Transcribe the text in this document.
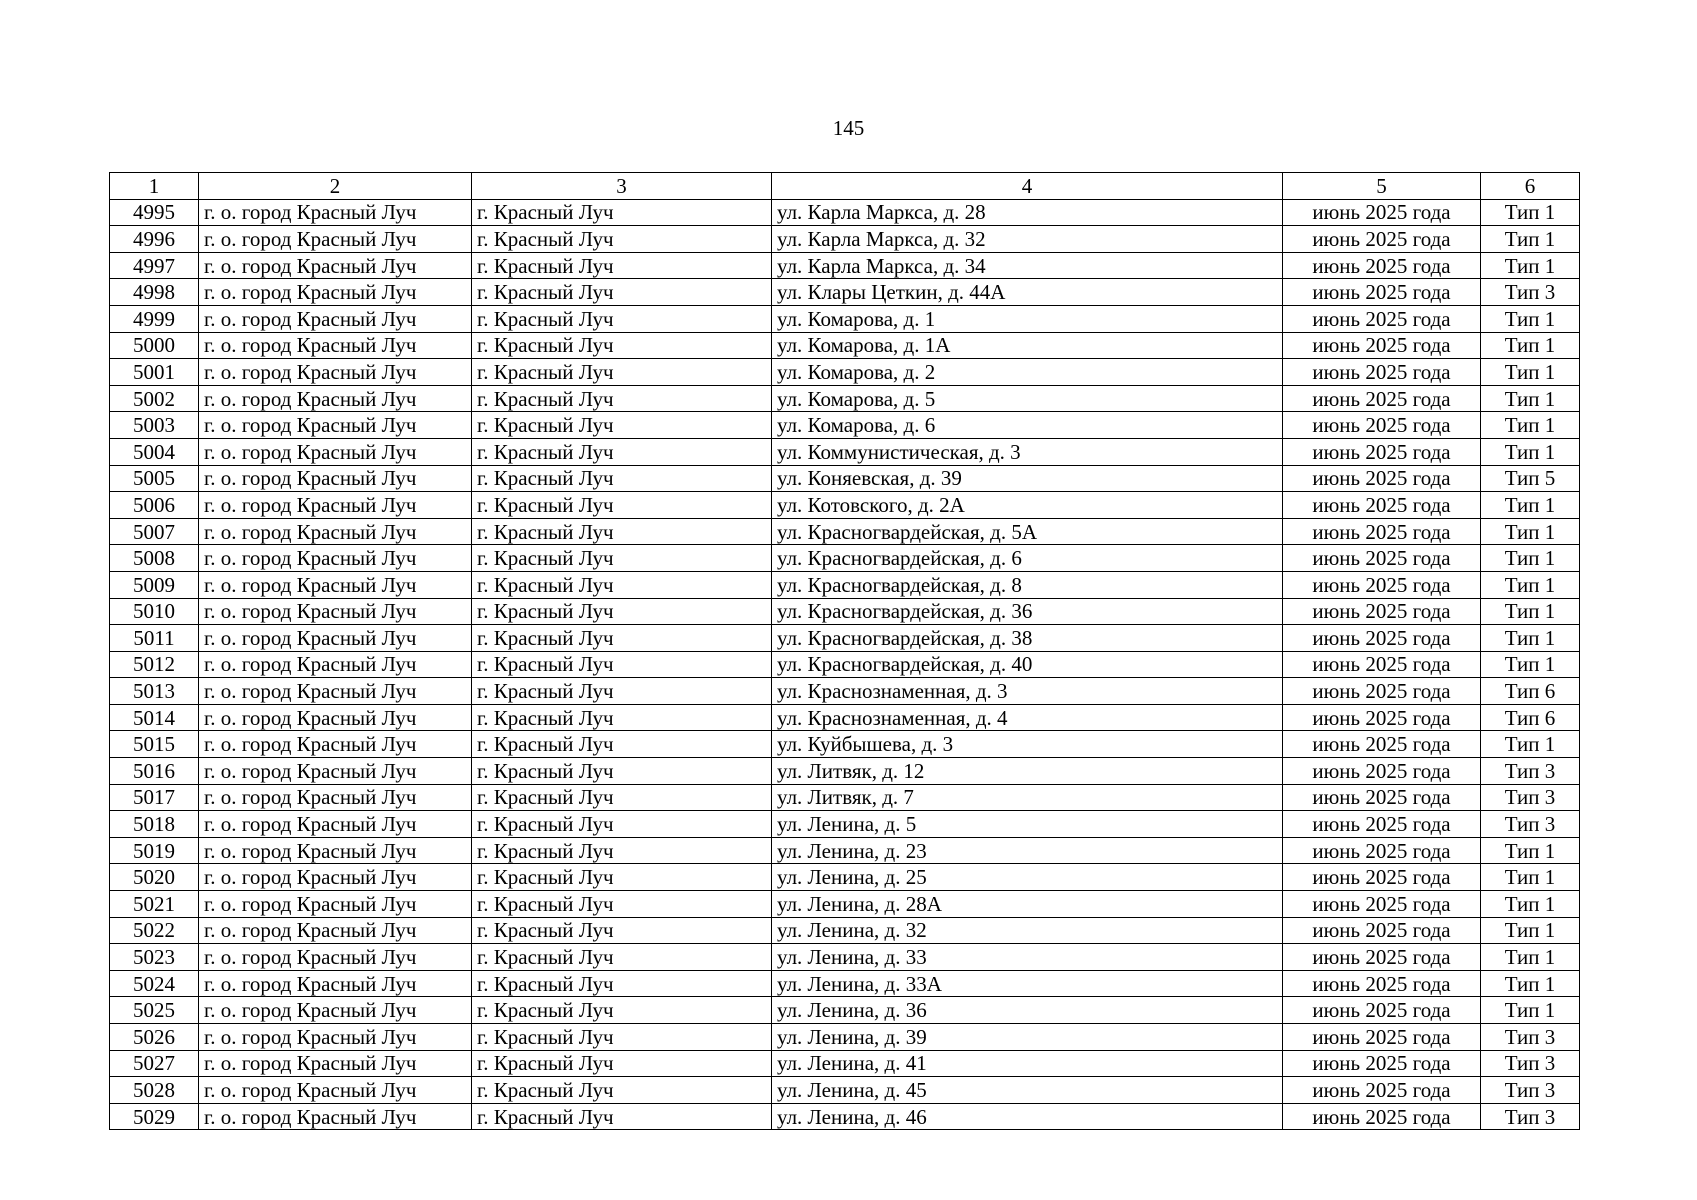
145
1	2	3	4	5	6
4995	г. о. город Красный Луч	г. Красный Луч	ул. Карла Маркса, д. 28	июнь 2025 года	Тип 1
4996	г. о. город Красный Луч	г. Красный Луч	ул. Карла Маркса, д. 32	июнь 2025 года	Тип 1
4997	г. о. город Красный Луч	г. Красный Луч	ул. Карла Маркса, д. 34	июнь 2025 года	Тип 1
4998	г. о. город Красный Луч	г. Красный Луч	ул. Клары Цеткин, д. 44А	июнь 2025 года	Тип 3
4999	г. о. город Красный Луч	г. Красный Луч	ул. Комарова, д. 1	июнь 2025 года	Тип 1
5000	г. о. город Красный Луч	г. Красный Луч	ул. Комарова, д. 1А	июнь 2025 года	Тип 1
5001	г. о. город Красный Луч	г. Красный Луч	ул. Комарова, д. 2	июнь 2025 года	Тип 1
5002	г. о. город Красный Луч	г. Красный Луч	ул. Комарова, д. 5	июнь 2025 года	Тип 1
5003	г. о. город Красный Луч	г. Красный Луч	ул. Комарова, д. 6	июнь 2025 года	Тип 1
5004	г. о. город Красный Луч	г. Красный Луч	ул. Коммунистическая, д. 3	июнь 2025 года	Тип 1
5005	г. о. город Красный Луч	г. Красный Луч	ул. Коняевская, д. 39	июнь 2025 года	Тип 5
5006	г. о. город Красный Луч	г. Красный Луч	ул. Котовского, д. 2А	июнь 2025 года	Тип 1
5007	г. о. город Красный Луч	г. Красный Луч	ул. Красногвардейская, д. 5А	июнь 2025 года	Тип 1
5008	г. о. город Красный Луч	г. Красный Луч	ул. Красногвардейская, д. 6	июнь 2025 года	Тип 1
5009	г. о. город Красный Луч	г. Красный Луч	ул. Красногвардейская, д. 8	июнь 2025 года	Тип 1
5010	г. о. город Красный Луч	г. Красный Луч	ул. Красногвардейская, д. 36	июнь 2025 года	Тип 1
5011	г. о. город Красный Луч	г. Красный Луч	ул. Красногвардейская, д. 38	июнь 2025 года	Тип 1
5012	г. о. город Красный Луч	г. Красный Луч	ул. Красногвардейская, д. 40	июнь 2025 года	Тип 1
5013	г. о. город Красный Луч	г. Красный Луч	ул. Краснознаменная, д. 3	июнь 2025 года	Тип 6
5014	г. о. город Красный Луч	г. Красный Луч	ул. Краснознаменная, д. 4	июнь 2025 года	Тип 6
5015	г. о. город Красный Луч	г. Красный Луч	ул. Куйбышева, д. 3	июнь 2025 года	Тип 1
5016	г. о. город Красный Луч	г. Красный Луч	ул. Литвяк, д. 12	июнь 2025 года	Тип 3
5017	г. о. город Красный Луч	г. Красный Луч	ул. Литвяк, д. 7	июнь 2025 года	Тип 3
5018	г. о. город Красный Луч	г. Красный Луч	ул. Ленина, д. 5	июнь 2025 года	Тип 3
5019	г. о. город Красный Луч	г. Красный Луч	ул. Ленина, д. 23	июнь 2025 года	Тип 1
5020	г. о. город Красный Луч	г. Красный Луч	ул. Ленина, д. 25	июнь 2025 года	Тип 1
5021	г. о. город Красный Луч	г. Красный Луч	ул. Ленина, д. 28А	июнь 2025 года	Тип 1
5022	г. о. город Красный Луч	г. Красный Луч	ул. Ленина, д. 32	июнь 2025 года	Тип 1
5023	г. о. город Красный Луч	г. Красный Луч	ул. Ленина, д. 33	июнь 2025 года	Тип 1
5024	г. о. город Красный Луч	г. Красный Луч	ул. Ленина, д. 33А	июнь 2025 года	Тип 1
5025	г. о. город Красный Луч	г. Красный Луч	ул. Ленина, д. 36	июнь 2025 года	Тип 1
5026	г. о. город Красный Луч	г. Красный Луч	ул. Ленина, д. 39	июнь 2025 года	Тип 3
5027	г. о. город Красный Луч	г. Красный Луч	ул. Ленина, д. 41	июнь 2025 года	Тип 3
5028	г. о. город Красный Луч	г. Красный Луч	ул. Ленина, д. 45	июнь 2025 года	Тип 3
5029	г. о. город Красный Луч	г. Красный Луч	ул. Ленина, д. 46	июнь 2025 года	Тип 3
